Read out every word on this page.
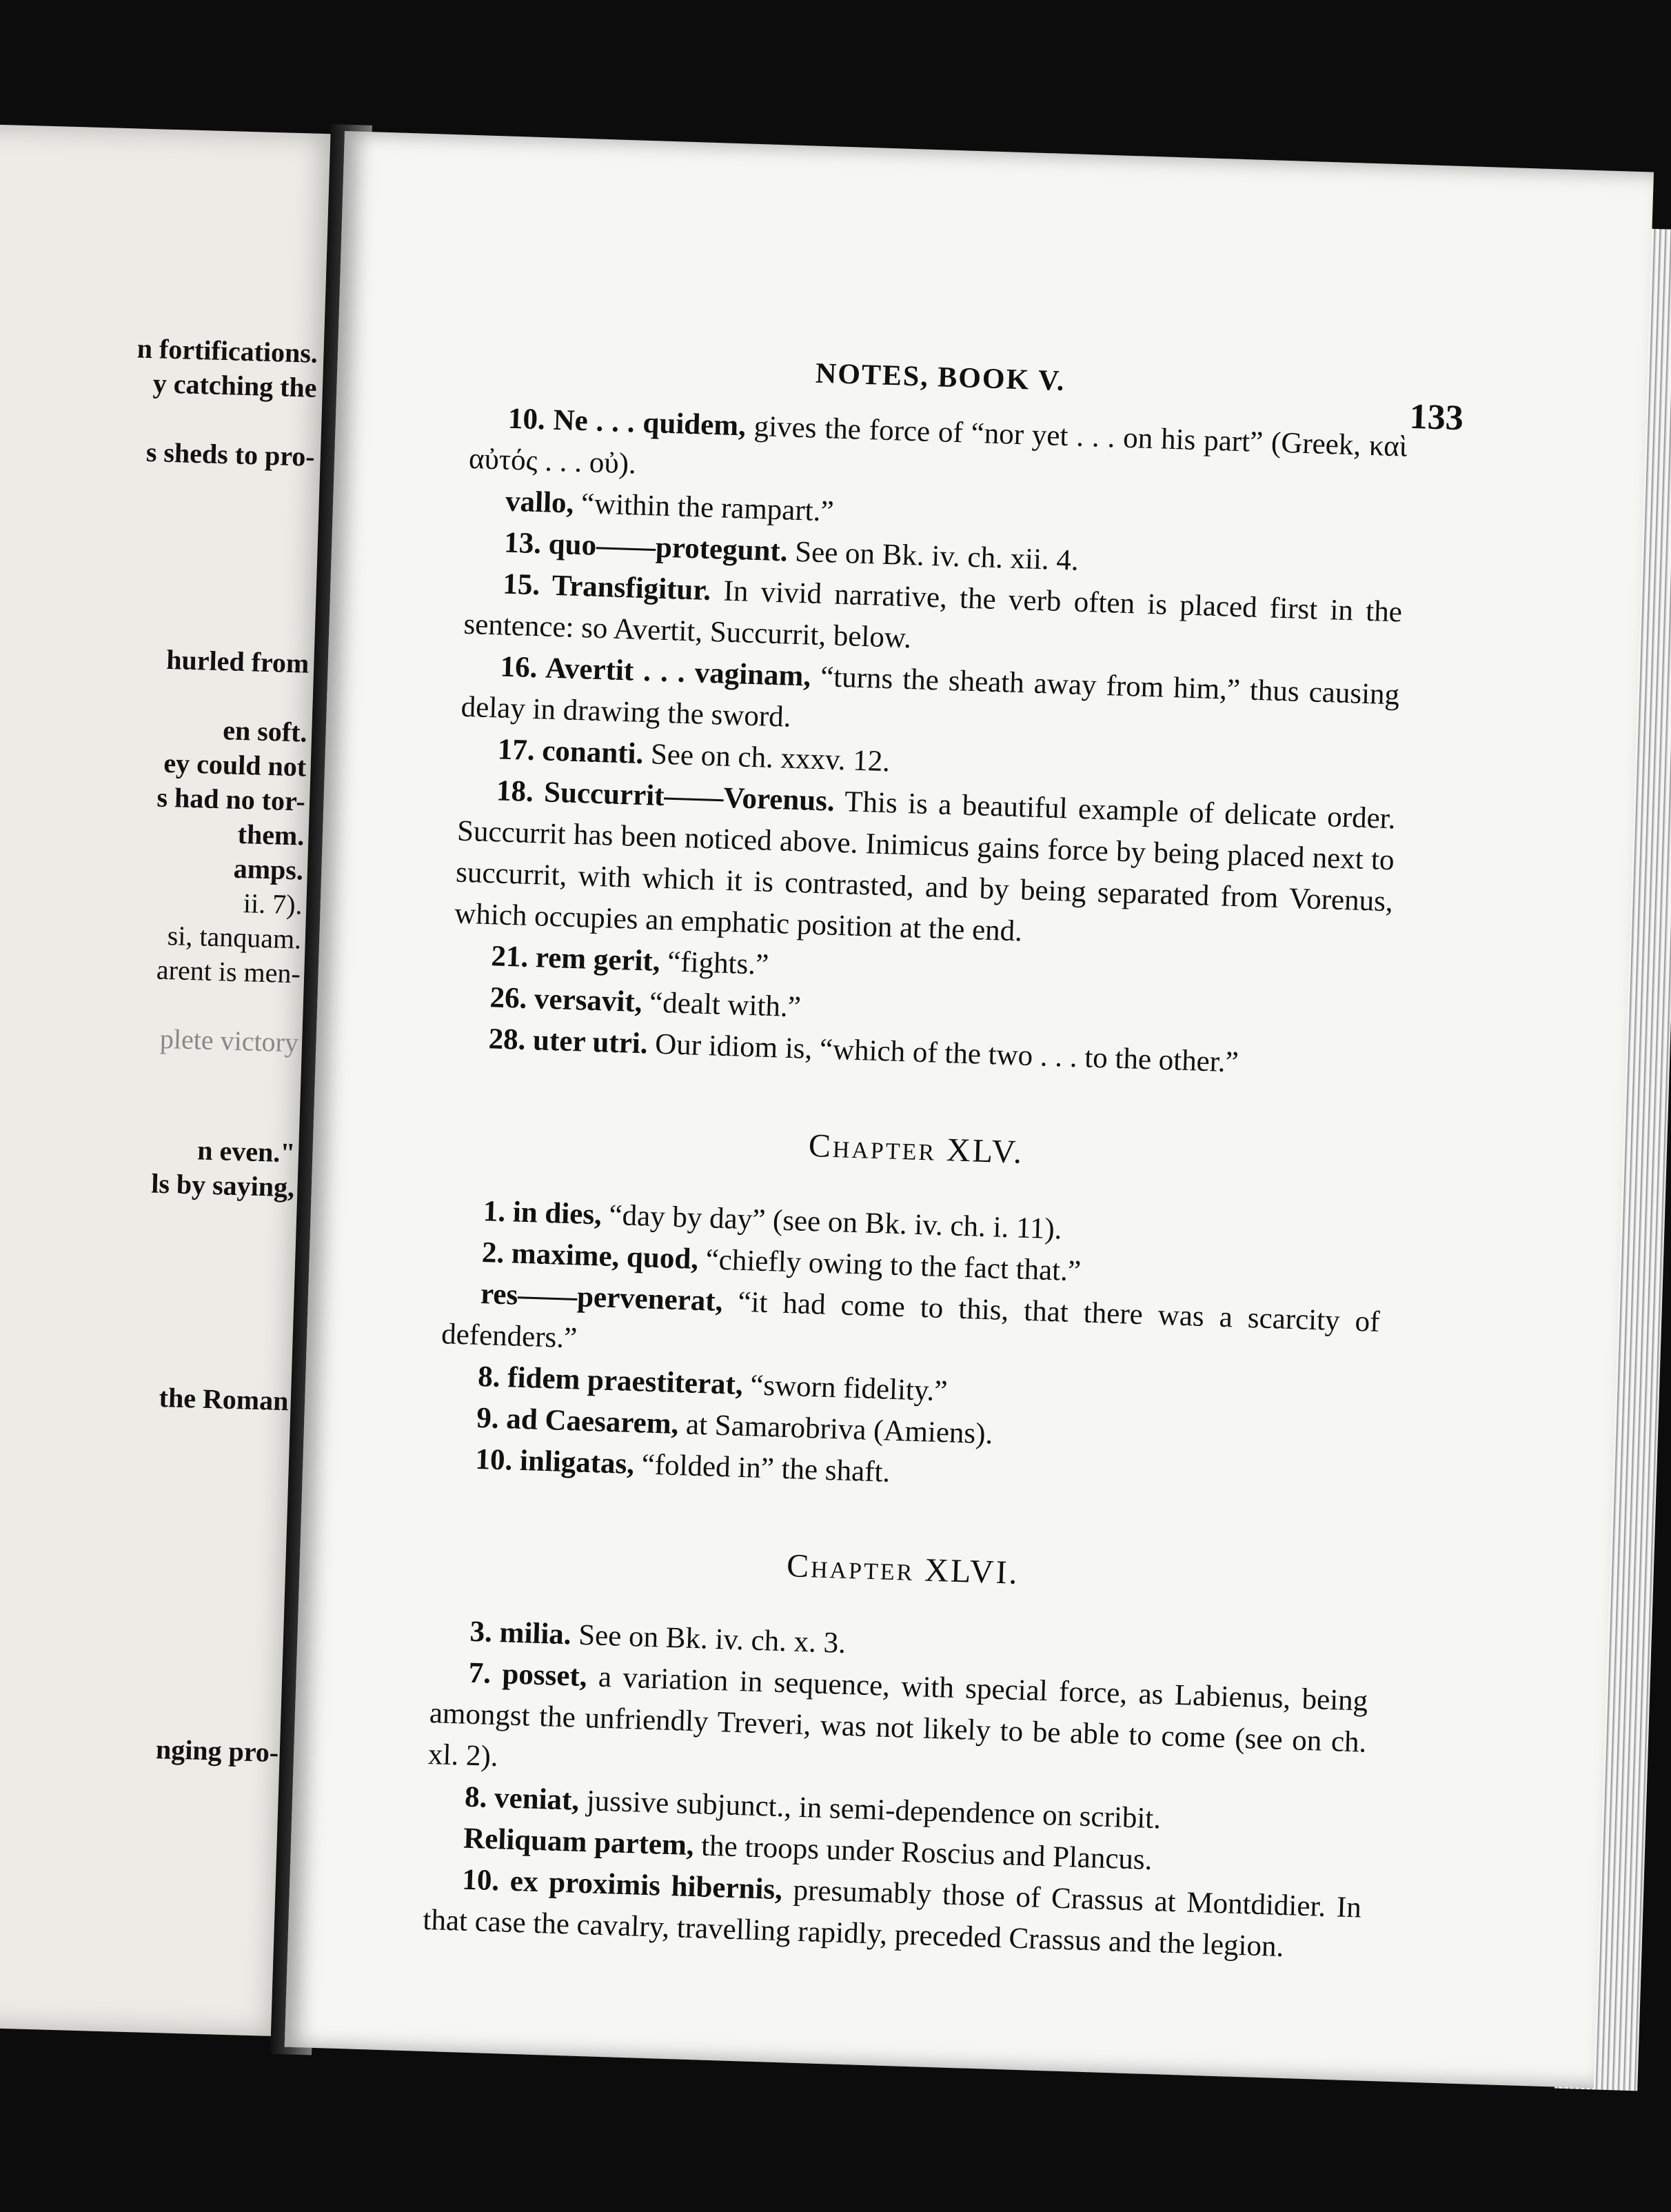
n fortifications.
y catching the
s sheds to pro-
hurled from
en soft.
ey could not
s had no tor-
them.
amps.
ii. 7).
si, tanquam.
arent is men-
plete victory
n even."
ls by saying,
the Roman
nging pro-
NOTES, BOOK V.
133

10. Ne . . . quidem, gives the force of “nor yet . . . on his part” (Greek, καὶ αὐτός . . . οὐ).

vallo, “within the rampart.”

13. quo——protegunt. See on Bk. iv. ch. xii. 4.

15. Transfigitur. In vivid narrative, the verb often is placed first in the sentence: so Avertit, Succurrit, below.

16. Avertit . . . vaginam, “turns the sheath away from him,” thus causing delay in drawing the sword.

17. conanti. See on ch. xxxv. 12.

18. Succurrit——Vorenus. This is a beautiful example of delicate order. Succurrit has been noticed above. Inimicus gains force by being placed next to succurrit, with which it is contrasted, and by being separated from Vorenus, which occupies an emphatic position at the end.

21. rem gerit, “fights.”

26. versavit, “dealt with.”

28. uter utri. Our idiom is, “which of the two . . . to the other.”

Chapter XLV.

1. in dies, “day by day” (see on Bk. iv. ch. i. 11).

2. maxime, quod, “chiefly owing to the fact that.”

res——pervenerat, “it had come to this, that there was a scarcity of defenders.”

8. fidem praestiterat, “sworn fidelity.”

9. ad Caesarem, at Samarobriva (Amiens).

10. inligatas, “folded in” the shaft.

Chapter XLVI.

3. milia. See on Bk. iv. ch. x. 3.

7. posset, a variation in sequence, with special force, as Labienus, being amongst the unfriendly Treveri, was not likely to be able to come (see on ch. xl. 2).

8. veniat, jussive subjunct., in semi-dependence on scribit.

Reliquam partem, the troops under Roscius and Plancus.

10. ex proximis hibernis, presumably those of Crassus at Montdidier. In that case the cavalry, travelling rapidly, preceded Crassus and the legion.
